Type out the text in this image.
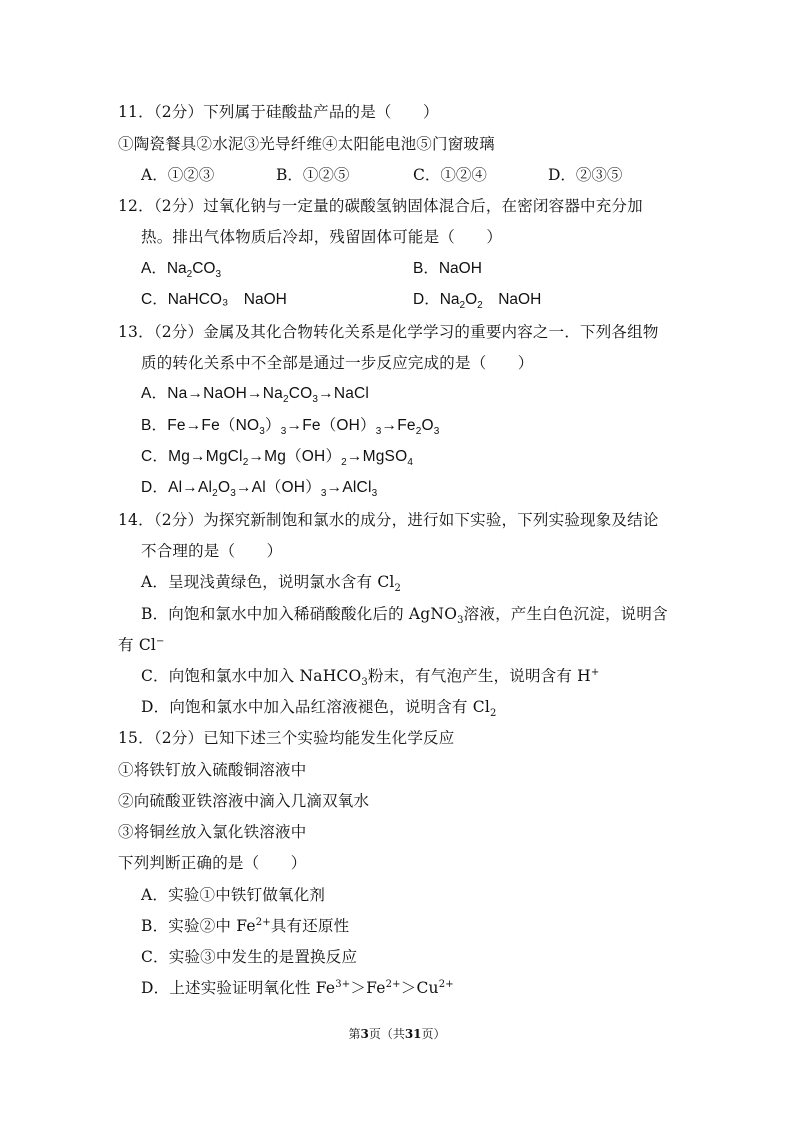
11．（2分）下列属于硅酸盐产品的是（　　）
①陶瓷餐具②水泥③光导纤维④太阳能电池⑤门窗玻璃
A．①②③	B．①②⑤	C．①②④	D．②③⑤
12．（2分）过氧化钠与一定量的碳酸氢钠固体混合后，在密闭容器中充分加
热。排出气体物质后冷却，残留固体可能是（　　）
A．$Na_2CO_3$	B．NaOH
C．NaHCO₃　NaOH	D．$Na_2O_2$　NaOH
13．（2分）金属及其化合物转化关系是化学学习的重要内容之一．下列各组物
质的转化关系中不全部是通过一步反应完成的是（　　）
A．$Na\to NaOH\to Na_2CO_3\to NaCl$
B．$Fe\to Fe(NO_3)_3\to Fe(OH)_3\to Fe_2O_3$
C．$Mg\to MgCl_2\to Mg(OH)_2\to MgSO_4$
D．$Al\to Al_2O_3\to Al(OH)_3\to AlCl_3$
14．（2分）为探究新制饱和氯水的成分，进行如下实验，下列实验现象及结论
不合理的是（　　）
A．呈现浅黄绿色，说明氯水含有 $Cl_2$
B．向饱和氯水中加入稀硝酸酸化后的 AgNO$_3$溶液，产生白色沉淀，说明含
有 Cl−
C．向饱和氯水中加入 NaHCO$_3$粉末，有气泡产生，说明含有 H+
D．向饱和氯水中加入品红溶液褪色，说明含有 $Cl_2$
15．（2分）已知下述三个实验均能发生化学反应
①将铁钉放入硫酸铜溶液中
②向硫酸亚铁溶液中滴入几滴双氧水
③将铜丝放入氯化铁溶液中
下列判断正确的是（　　）
A．实验①中铁钉做氧化剂
B．实验②中 $Fe^{2+}$具有还原性
C．实验③中发生的是置换反应
D．上述实验证明氧化性 $Fe^{3+}>Fe^{2+}>Cu^{2+}$
第3页（共31页）
